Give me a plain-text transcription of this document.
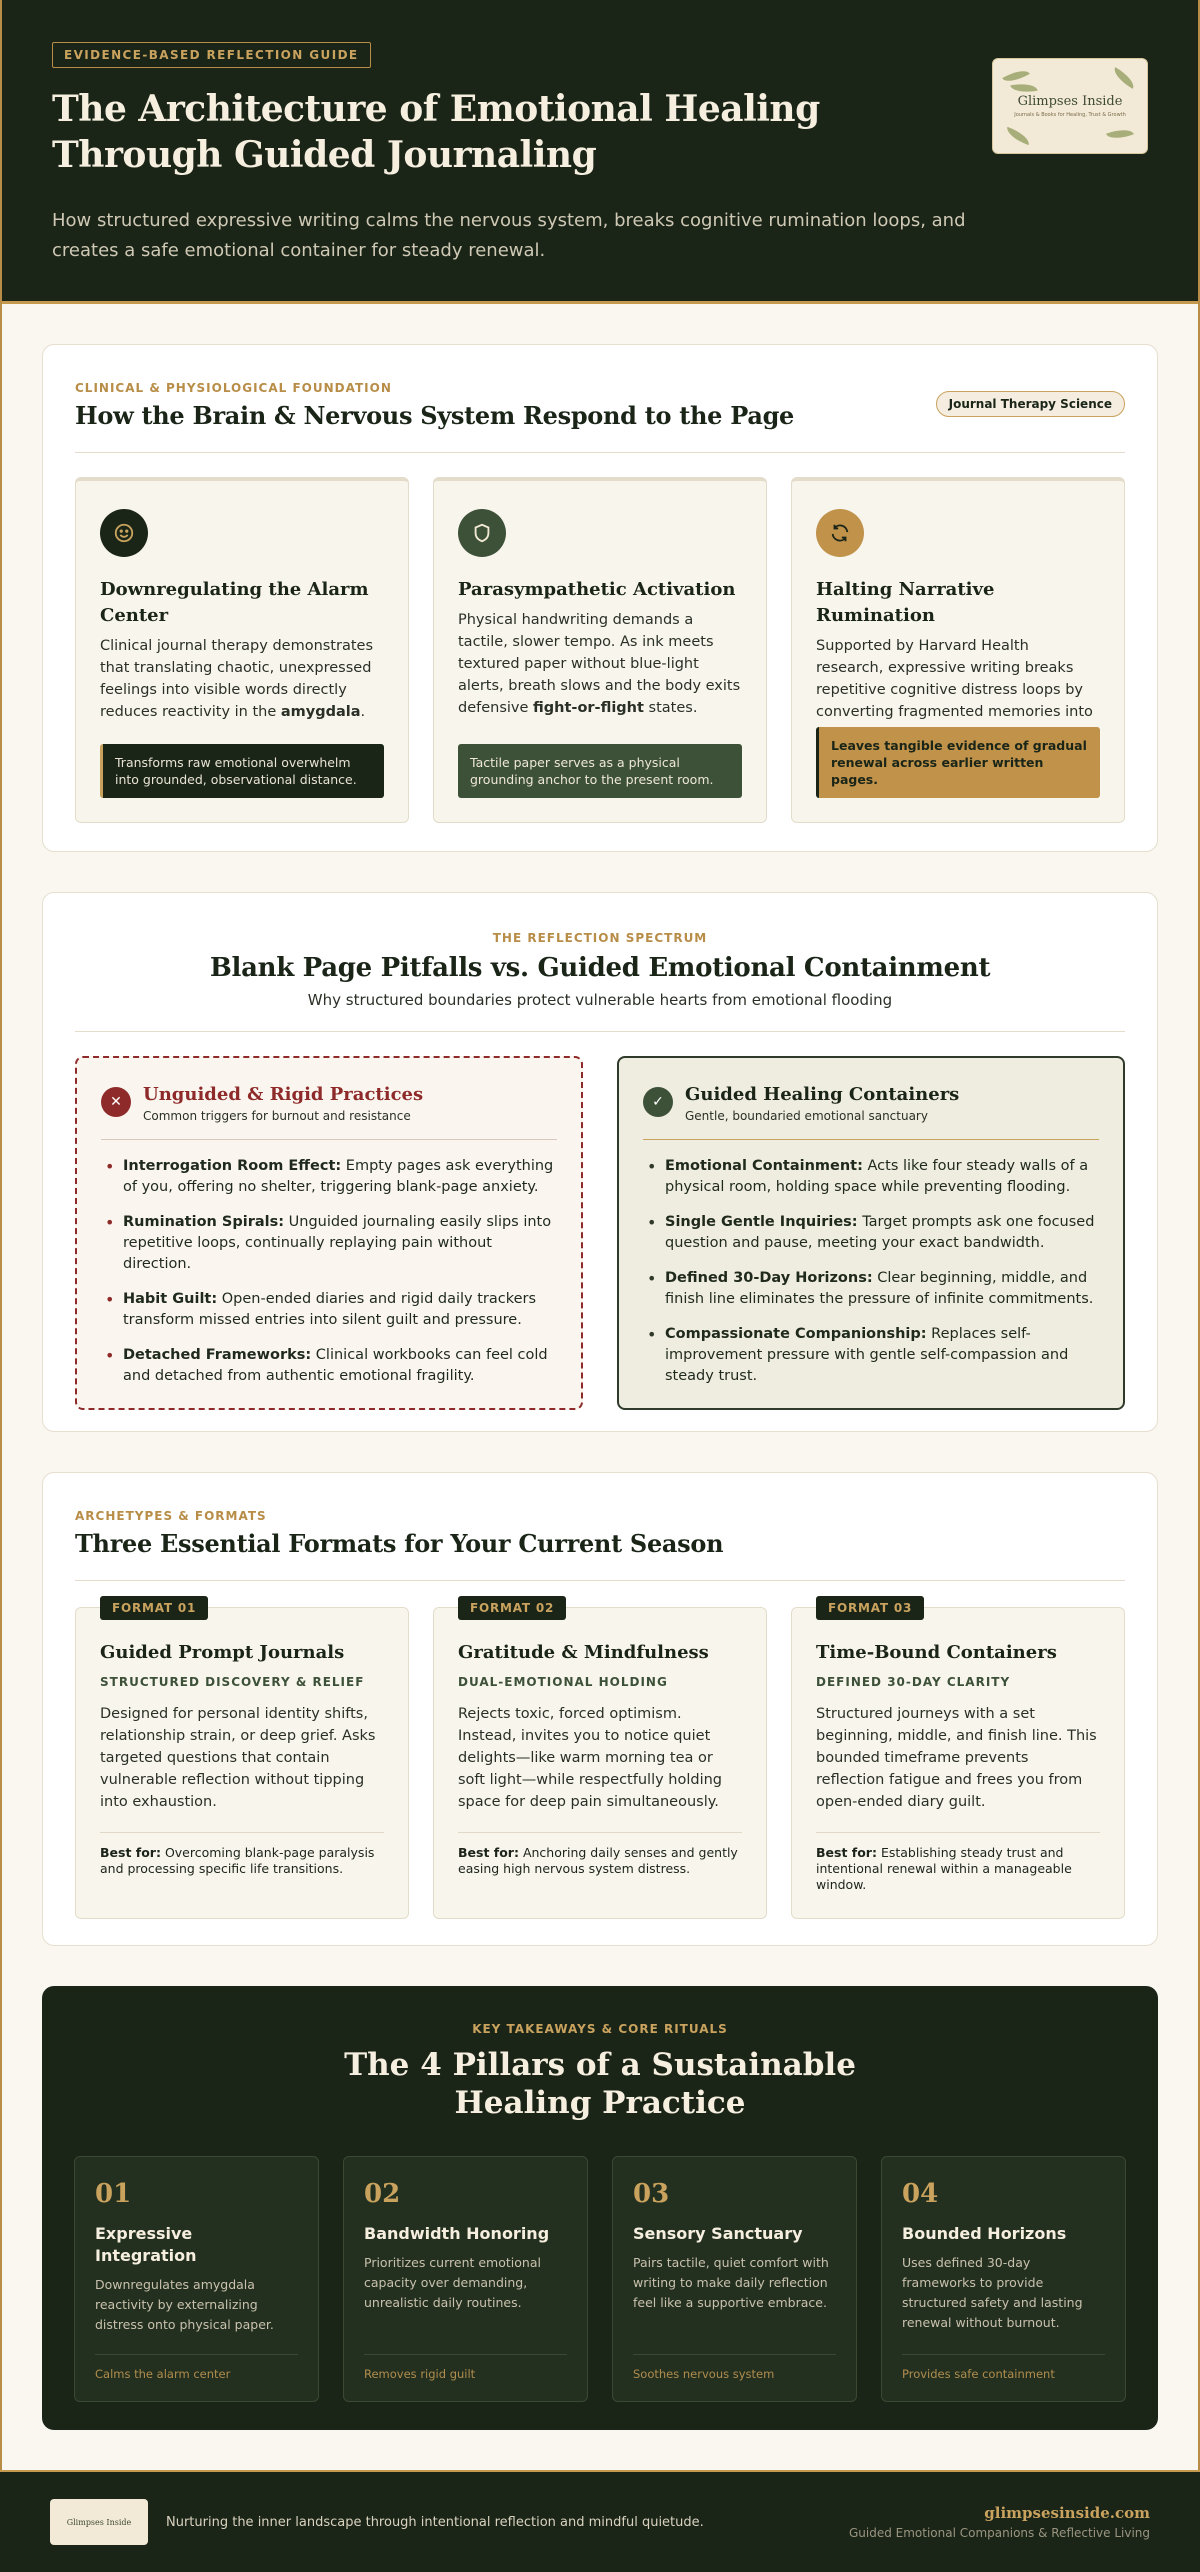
EVIDENCE-BASED REFLECTION GUIDE
The Architecture of Emotional Healing Through Guided Journaling

How structured expressive writing calms the nervous system, breaks cognitive rumination loops, and creates a safe emotional container for steady renewal.

Glimpses Inside
Journals & Books for Healing, Trust & Growth
CLINICAL & PHYSIOLOGICAL FOUNDATION
How the Brain & Nervous System Respond to the Page	Journal Therapy Science
Downregulating the Alarm Center

Clinical journal therapy demonstrates that translating chaotic, unexpressed feelings into visible words directly reduces reactivity in the amygdala.

Transforms raw emotional overwhelm into grounded, observational distance.
Parasympathetic Activation

Physical handwriting demands a tactile, slower tempo. As ink meets textured paper without blue-light alerts, breath slows and the body exits defensive fight-or-flight states.

Tactile paper serves as a physical grounding anchor to the present room.
Halting Narrative Rumination

Supported by Harvard Health research, expressive writing breaks repetitive cognitive distress loops by converting fragmented memories into

Leaves tangible evidence of gradual renewal across earlier written pages.
THE REFLECTION SPECTRUM
Blank Page Pitfalls vs. Guided Emotional Containment

Why structured boundaries protect vulnerable hearts from emotional flooding

✕	Unguided & Rigid Practices
Common triggers for burnout and resistance
• Interrogation Room Effect: Empty pages ask everything of you, offering no shelter, triggering blank-page anxiety.
• Rumination Spirals: Unguided journaling easily slips into repetitive loops, continually replaying pain without direction.
• Habit Guilt: Open-ended diaries and rigid daily trackers transform missed entries into silent guilt and pressure.
• Detached Frameworks: Clinical workbooks can feel cold and detached from authentic emotional fragility.
✓	Guided Healing Containers
Gentle, boundaried emotional sanctuary
• Emotional Containment: Acts like four steady walls of a physical room, holding space while preventing flooding.
• Single Gentle Inquiries: Target prompts ask one focused question and pause, meeting your exact bandwidth.
• Defined 30-Day Horizons: Clear beginning, middle, and finish line eliminates the pressure of infinite commitments.
• Compassionate Companionship: Replaces self-improvement pressure with gentle self-compassion and steady trust.
ARCHETYPES & FORMATS
Three Essential Formats for Your Current Season
FORMAT 01
Guided Prompt Journals
STRUCTURED DISCOVERY & RELIEF

Designed for personal identity shifts, relationship strain, or deep grief. Asks targeted questions that contain vulnerable reflection without tipping into exhaustion.

Best for: Overcoming blank-page paralysis and processing specific life transitions.
FORMAT 02
Gratitude & Mindfulness
DUAL-EMOTIONAL HOLDING

Rejects toxic, forced optimism. Instead, invites you to notice quiet delights—like warm morning tea or soft light—while respectfully holding space for deep pain simultaneously.

Best for: Anchoring daily senses and gently easing high nervous system distress.
FORMAT 03
Time-Bound Containers
DEFINED 30-DAY CLARITY

Structured journeys with a set beginning, middle, and finish line. This bounded timeframe prevents reflection fatigue and frees you from open-ended diary guilt.

Best for: Establishing steady trust and intentional renewal within a manageable window.
KEY TAKEAWAYS & CORE RITUALS
The 4 Pillars of a Sustainable Healing Practice
01
Expressive Integration
Downregulates amygdala reactivity by externalizing distress onto physical paper.
Calms the alarm center
02
Bandwidth Honoring
Prioritizes current emotional capacity over demanding, unrealistic daily routines.
Removes rigid guilt
03
Sensory Sanctuary
Pairs tactile, quiet comfort with writing to make daily reflection feel like a supportive embrace.
Soothes nervous system
04
Bounded Horizons
Uses defined 30-day frameworks to provide structured safety and lasting renewal without burnout.
Provides safe containment
Glimpses Inside	Nurturing the inner landscape through intentional reflection and mindful quietude.	glimpsesinside.com
Guided Emotional Companions & Reflective Living
